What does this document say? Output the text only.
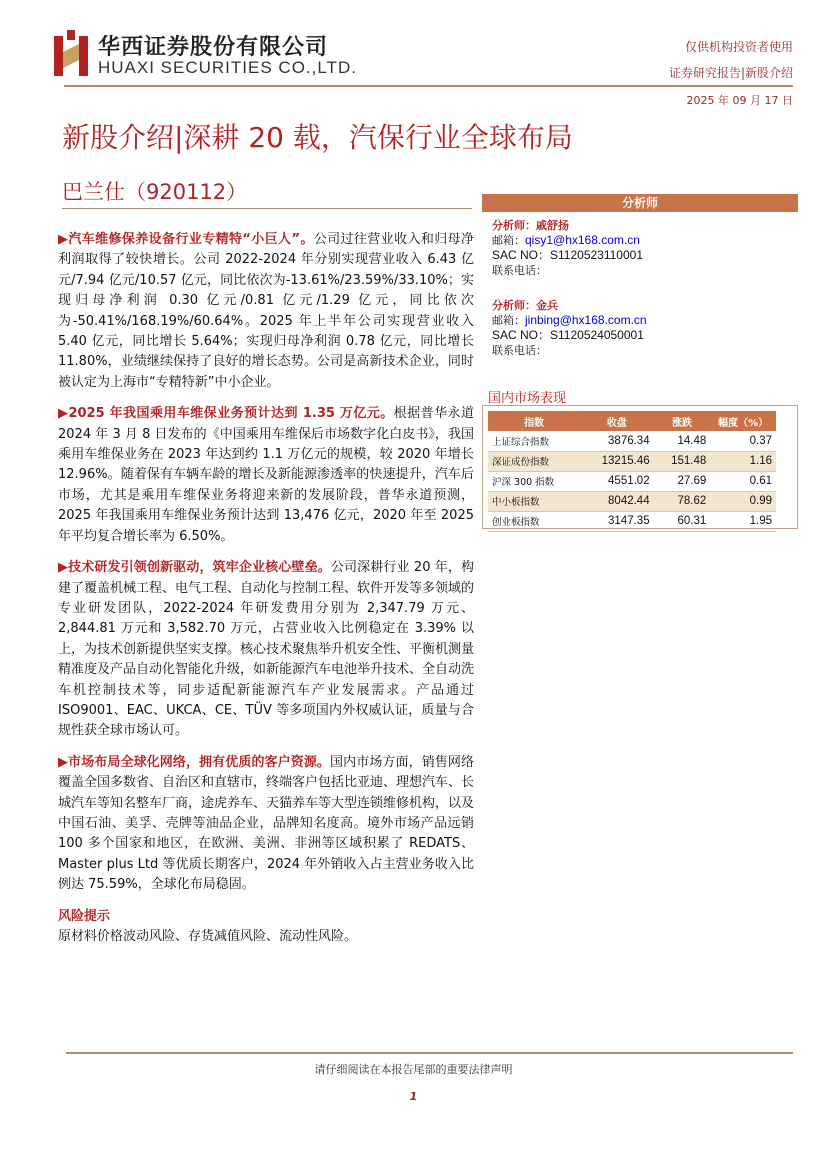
华西证券股份有限公司
HUAXI SECURITIES CO.,LTD.
仅供机构投资者使用
证券研究报告|新股介绍
2025 年 09 月 17 日
新股介绍|深耕 20 载，汽保行业全球布局
巴兰仕（920112）
▶汽车维修保养设备行业专精特“小巨人”。公司过往营业收入和归母净利润取得了较快增长。公司 2022-2024 年分别实现营业收入 6.43 亿元/7.94 亿元/10.57 亿元，同比依次为-13.61%/23.59%/33.10%；实现归母净利润 0.30 亿元/0.81 亿元/1.29 亿元，同比依次为-50.41%/168.19%/60.64%。2025 年上半年公司实现营业收入 5.40 亿元，同比增长 5.64%；实现归母净利润 0.78 亿元，同比增长 11.80%，业绩继续保持了良好的增长态势。公司是高新技术企业，同时被认定为上海市“专精特新”中小企业。
▶2025 年我国乘用车维保业务预计达到 1.35 万亿元。根据普华永道 2024 年 3 月 8 日发布的《中国乘用车维保后市场数字化白皮书》，我国乘用车维保业务在 2023 年达到约 1.1 万亿元的规模，较 2020 年增长 12.96%。随着保有车辆车龄的增长及新能源渗透率的快速提升，汽车后市场，尤其是乘用车维保业务将迎来新的发展阶段，普华永道预测，2025 年我国乘用车维保业务预计达到 13,476 亿元，2020 年至 2025 年平均复合增长率为 6.50%。
▶技术研发引领创新驱动，筑牢企业核心壁垒。公司深耕行业 20 年，构建了覆盖机械工程、电气工程、自动化与控制工程、软件开发等多领域的专业研发团队，2022-2024 年研发费用分别为 2,347.79 万元、2,844.81 万元和 3,582.70 万元，占营业收入比例稳定在 3.39% 以上，为技术创新提供坚实支撑。核心技术聚焦举升机安全性、平衡机测量精准度及产品自动化智能化升级，如新能源汽车电池举升技术、全自动洗车机控制技术等，同步适配新能源汽车产业发展需求。产品通过 ISO9001、EAC、UKCA、CE、TÜV 等多项国内外权威认证，质量与合规性获全球市场认可。
▶市场布局全球化网络，拥有优质的客户资源。国内市场方面，销售网络覆盖全国多数省、自治区和直辖市，终端客户包括比亚迪、理想汽车、长城汽车等知名整车厂商，途虎养车、天猫养车等大型连锁维修机构，以及中国石油、美孚、壳牌等油品企业，品牌知名度高。境外市场产品远销 100 多个国家和地区，在欧洲、美洲、非洲等区域积累了 REDATS、Master plus Ltd 等优质长期客户，2024 年外销收入占主营业务收入比例达 75.59%，全球化布局稳固。
风险提示
原材料价格波动风险、存货减值风险、流动性风险。
分析师
分析师：戚舒扬
邮箱：qisy1@hx168.com.cn
SAC NO：S1120523110001
联系电话：
分析师：金兵
邮箱：jinbing@hx168.com.cn
SAC NO：S1120524050001
联系电话：
国内市场表现
指数	收盘	涨跌	幅度（%）
上证综合指数	3876.34	14.48	0.37
深证成份指数	13215.46	151.48	1.16
沪深 300 指数	4551.02	27.69	0.61
中小板指数	8042.44	78.62	0.99
创业板指数	3147.35	60.31	1.95
请仔细阅读在本报告尾部的重要法律声明
1
